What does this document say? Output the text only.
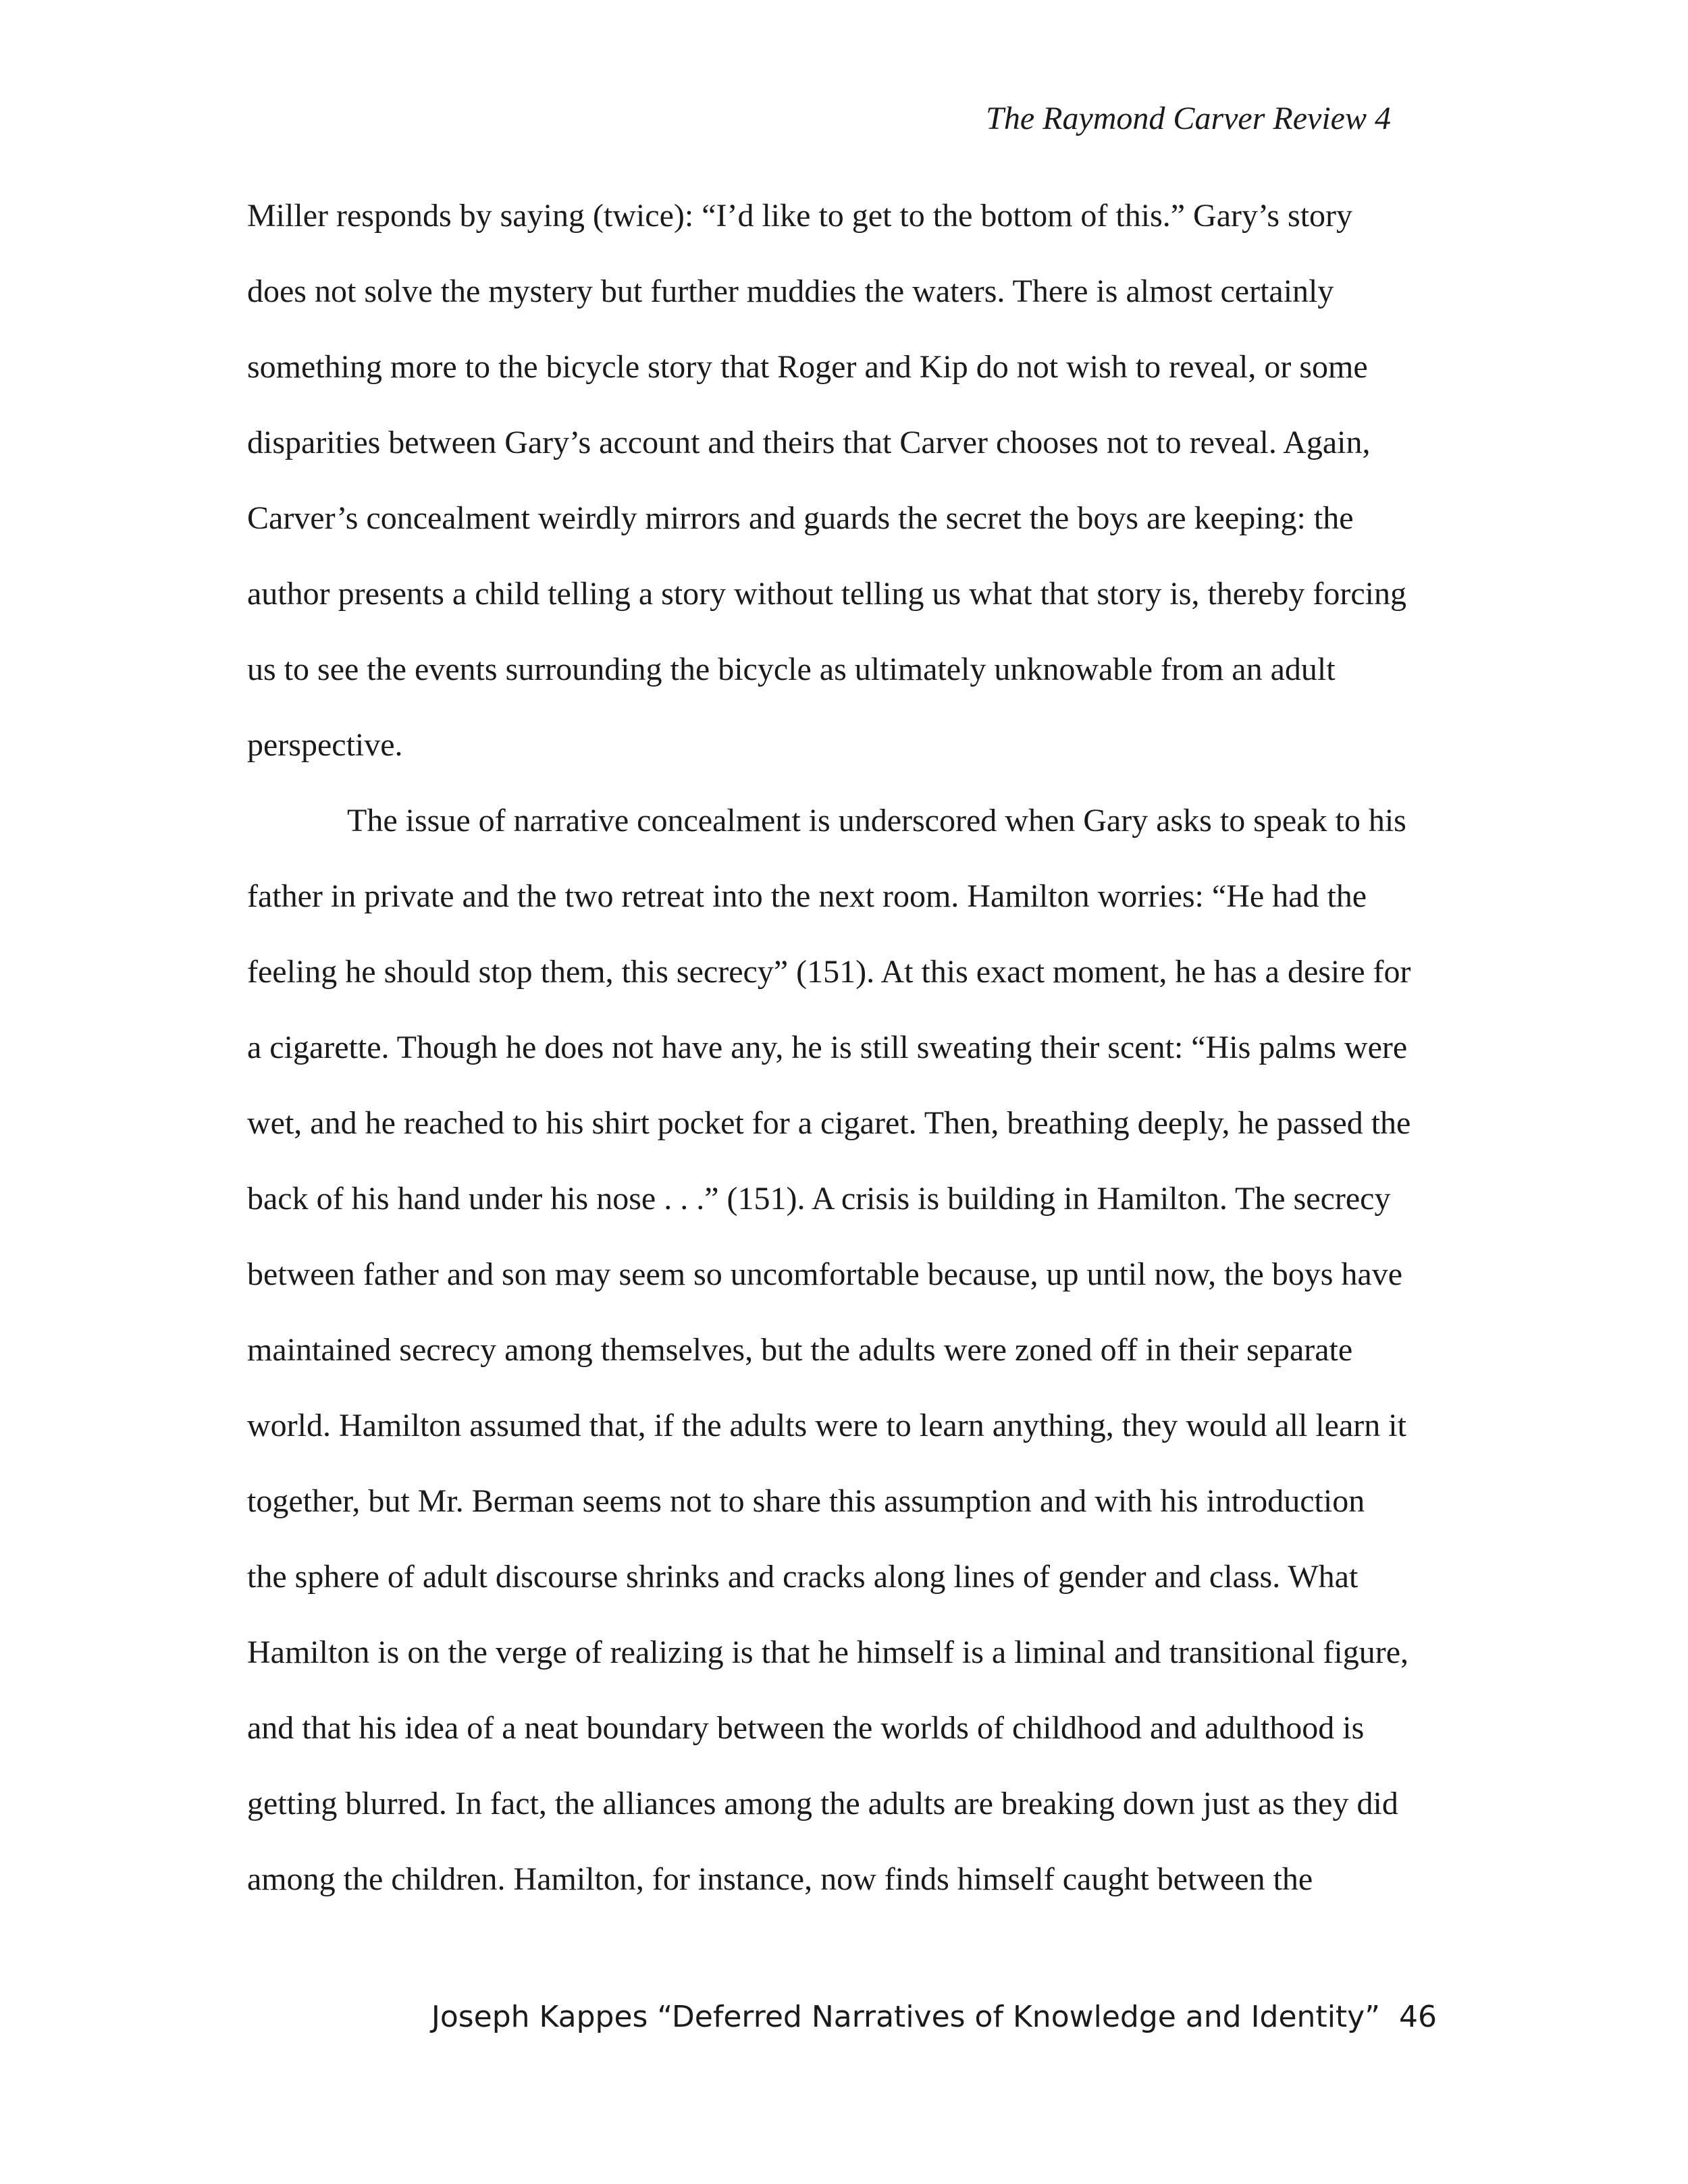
The Raymond Carver Review 4
Miller responds by saying (twice): “I’d like to get to the bottom of this.” Gary’s story
does not solve the mystery but further muddies the waters. There is almost certainly
something more to the bicycle story that Roger and Kip do not wish to reveal, or some
disparities between Gary’s account and theirs that Carver chooses not to reveal. Again,
Carver’s concealment weirdly mirrors and guards the secret the boys are keeping: the
author presents a child telling a story without telling us what that story is, thereby forcing
us to see the events surrounding the bicycle as ultimately unknowable from an adult
perspective.
The issue of narrative concealment is underscored when Gary asks to speak to his
father in private and the two retreat into the next room. Hamilton worries: “He had the
feeling he should stop them, this secrecy” (151). At this exact moment, he has a desire for
a cigarette. Though he does not have any, he is still sweating their scent: “His palms were
wet, and he reached to his shirt pocket for a cigaret. Then, breathing deeply, he passed the
back of his hand under his nose . . .” (151). A crisis is building in Hamilton. The secrecy
between father and son may seem so uncomfortable because, up until now, the boys have
maintained secrecy among themselves, but the adults were zoned off in their separate
world. Hamilton assumed that, if the adults were to learn anything, they would all learn it
together, but Mr. Berman seems not to share this assumption and with his introduction
the sphere of adult discourse shrinks and cracks along lines of gender and class. What
Hamilton is on the verge of realizing is that he himself is a liminal and transitional figure,
and that his idea of a neat boundary between the worlds of childhood and adulthood is
getting blurred. In fact, the alliances among the adults are breaking down just as they did
among the children. Hamilton, for instance, now finds himself caught between the
Joseph Kappes “Deferred Narratives of Knowledge and Identity” 46
